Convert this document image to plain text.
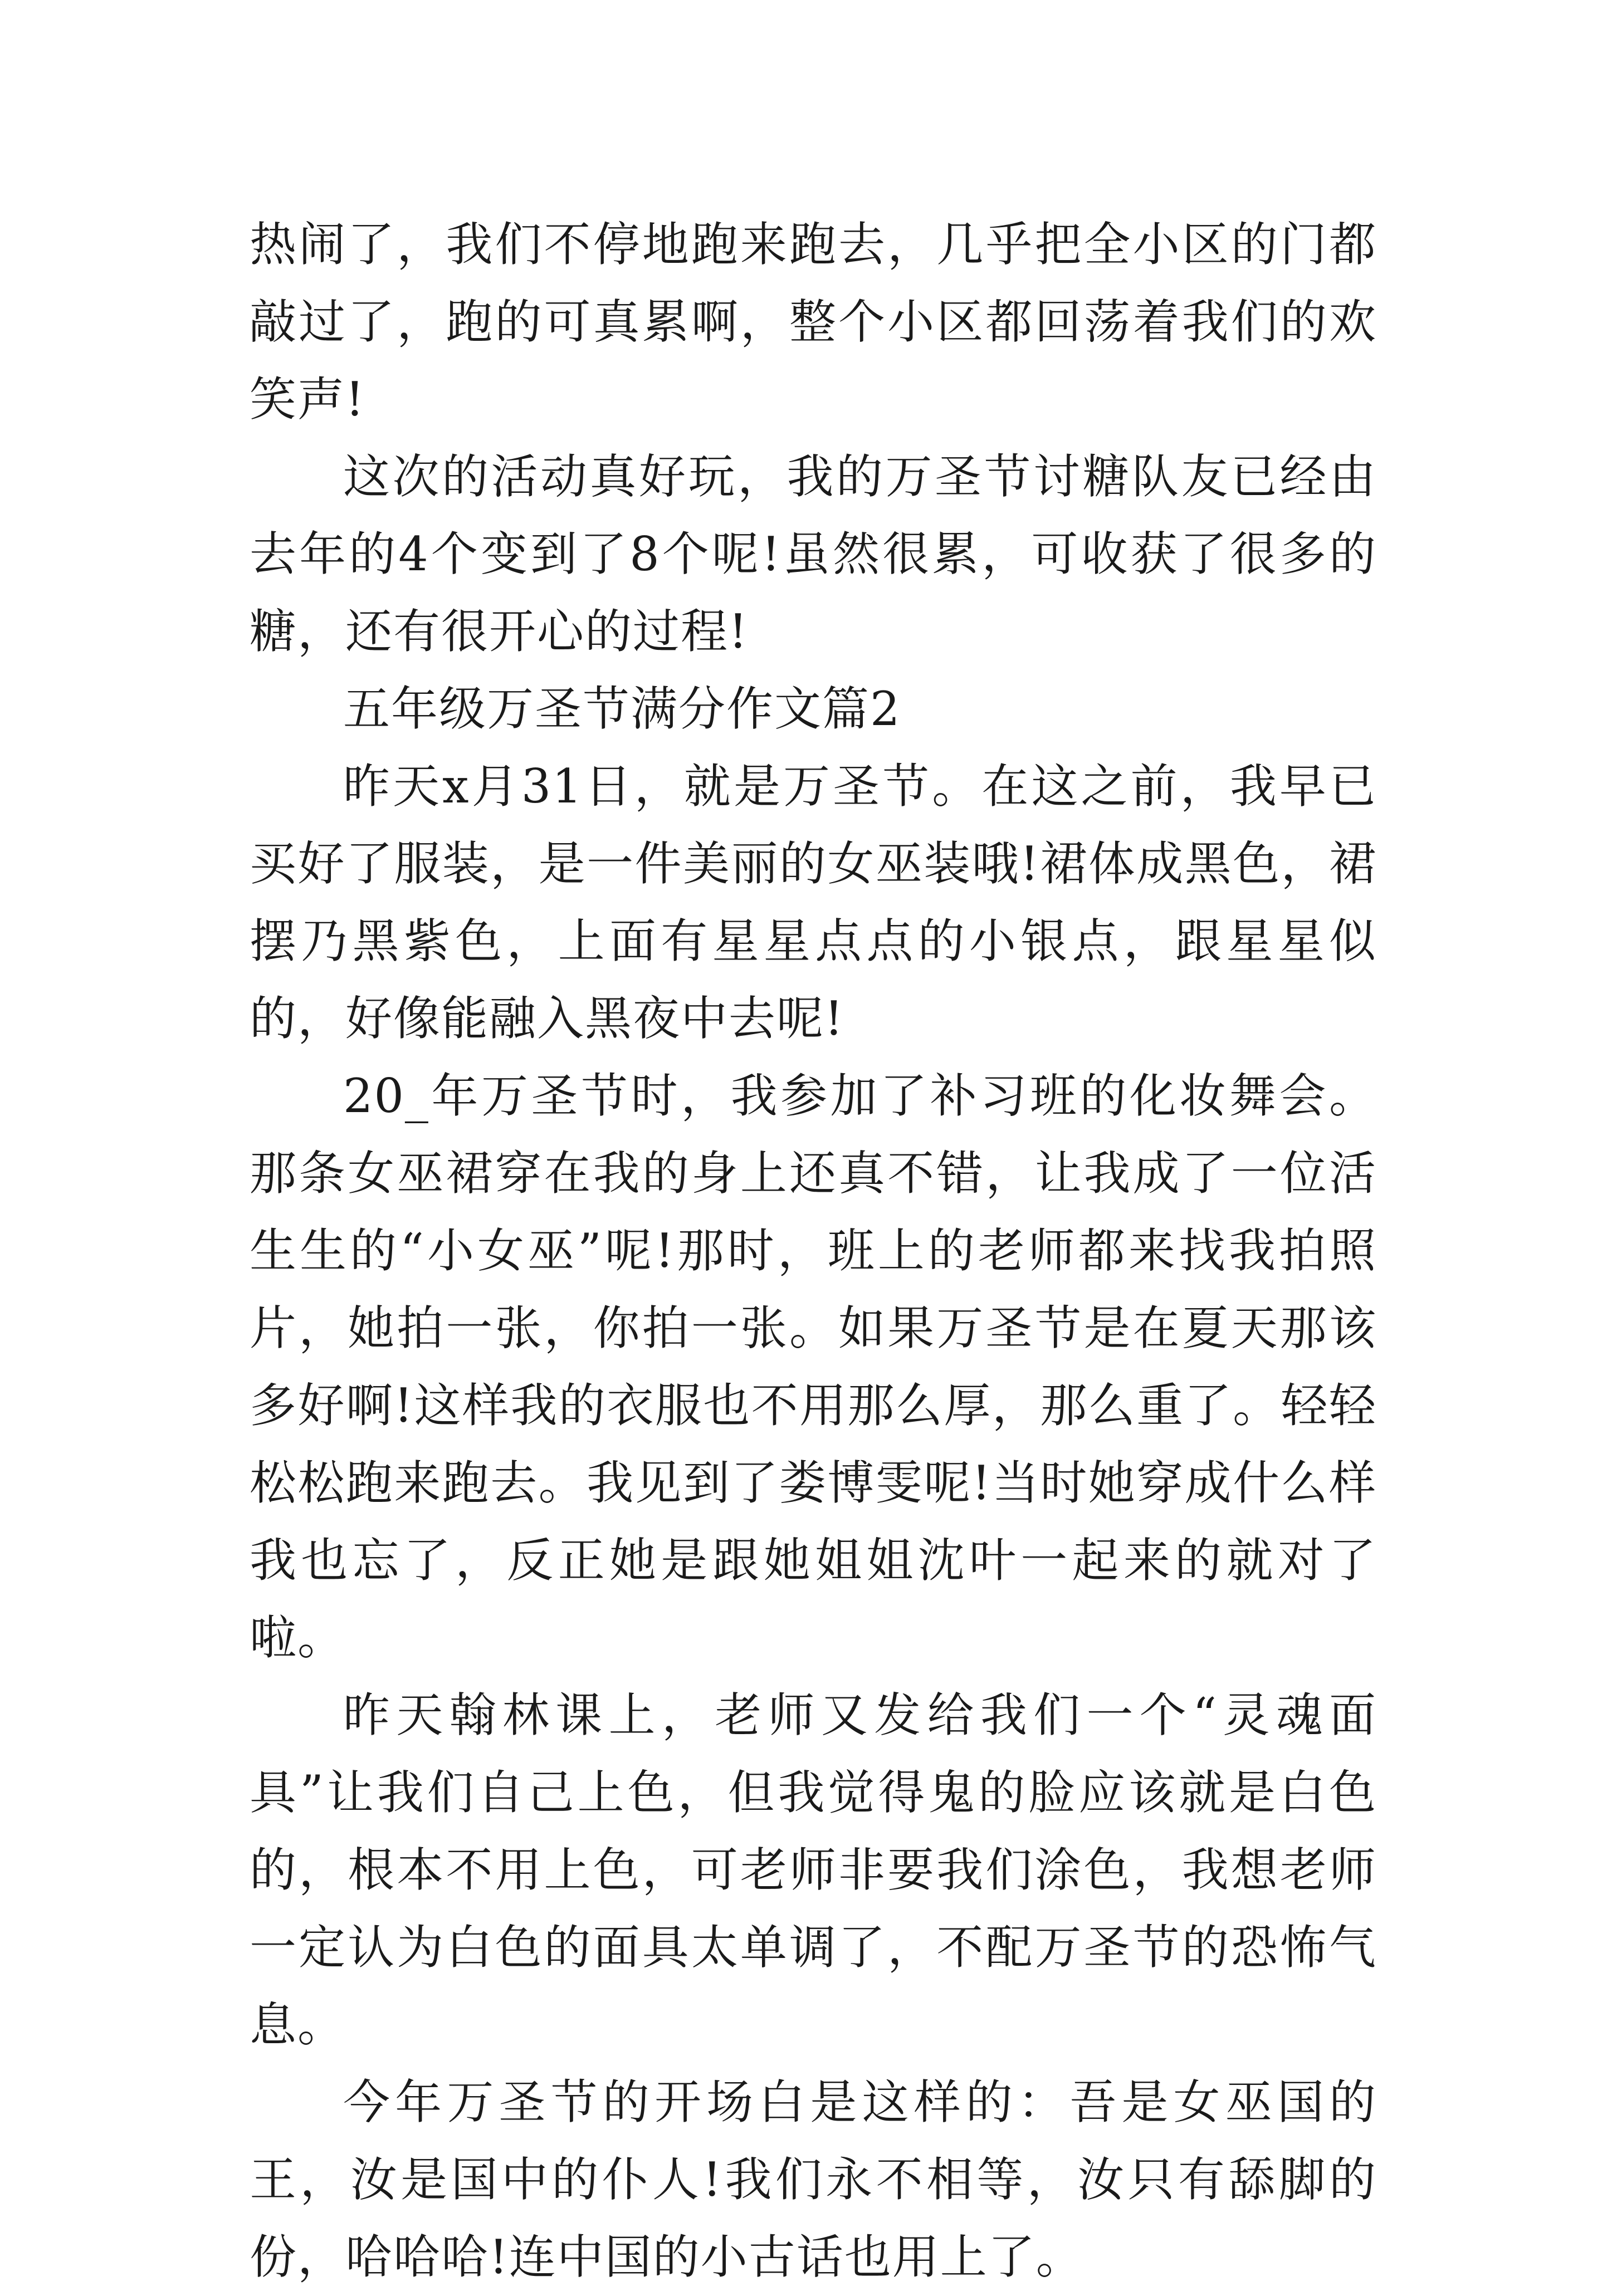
热闹了，我们不停地跑来跑去，几乎把全小区的门都敲过了，跑的可真累啊，整个小区都回荡着我们的欢笑声!

这次的活动真好玩，我的万圣节讨糖队友已经由去年的4个变到了8个呢!虽然很累，可收获了很多的糖，还有很开心的过程!

五年级万圣节满分作文篇2

昨天x月31日，就是万圣节。在这之前，我早已买好了服装，是一件美丽的女巫装哦!裙体成黑色，裙摆乃黑紫色，上面有星星点点的小银点，跟星星似的，好像能融入黑夜中去呢!

20_年万圣节时，我参加了补习班的化妆舞会。那条女巫裙穿在我的身上还真不错，让我成了一位活生生的“小女巫”呢!那时，班上的老师都来找我拍照片，她拍一张，你拍一张。如果万圣节是在夏天那该多好啊!这样我的衣服也不用那么厚，那么重了。轻轻松松跑来跑去。我见到了娄博雯呢!当时她穿成什么样我也忘了，反正她是跟她姐姐沈叶一起来的就对了啦。

昨天翰林课上，老师又发给我们一个“灵魂面具”让我们自己上色，但我觉得鬼的脸应该就是白色的，根本不用上色，可老师非要我们涂色，我想老师一定认为白色的面具太单调了，不配万圣节的恐怖气息。

今年万圣节的开场白是这样的：吾是女巫国的王，汝是国中的仆人!我们永不相等，汝只有舔脚的份，哈哈哈!连中国的小古话也用上了。
